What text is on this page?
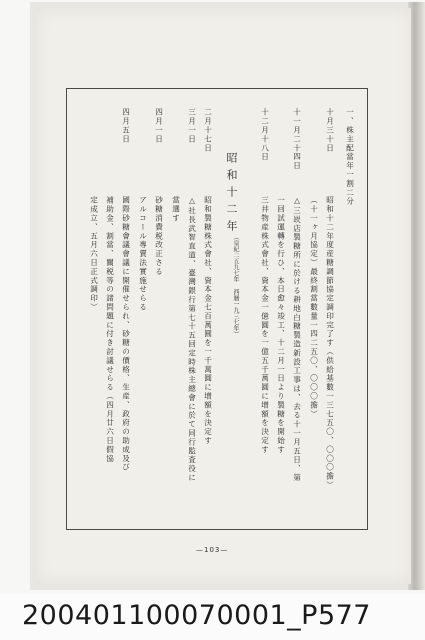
一、株主配當年一割二分
十月三十日
昭和十二年度産糖調節協定調印完了す（供給基數一三七五〇、〇〇〇擔）
（十一ヶ月協定）最終割當數量一四二五〇、〇〇〇擔）
十一月二十四日
△三崁店製糖所に於ける耕地白糖製造新設工事は、去る十一月五日、第
一回試運轉を行ひ、本日愈々竣工、十二月一日より製糖を開始す
十二月十八日
三井物産株式會社、資本金一億圓を一億五千萬圓に增額を決定す
昭和十二年
（皇紀二五九七年 西暦一九三七年）
二月十七日
昭和製糖株式會社、資本金七百萬圓を一千萬圓に增額を決定す
三月一日
△社長武智直道、臺灣銀行第七十五回定時株主總會に於て同行監査役に
當選す
四月一日
砂糖消費税改正さる
アルコール專賣法實施せらる
四月五日
國際砂糖會議會議に開催せられ、砂糖の價格、生産、政府の助成及び
補助金、割當、關税等の諸問題に付き討議せらる（四月廿六日假協
定成立、五月六日正式調印）
—103—
200401100070001_P577
